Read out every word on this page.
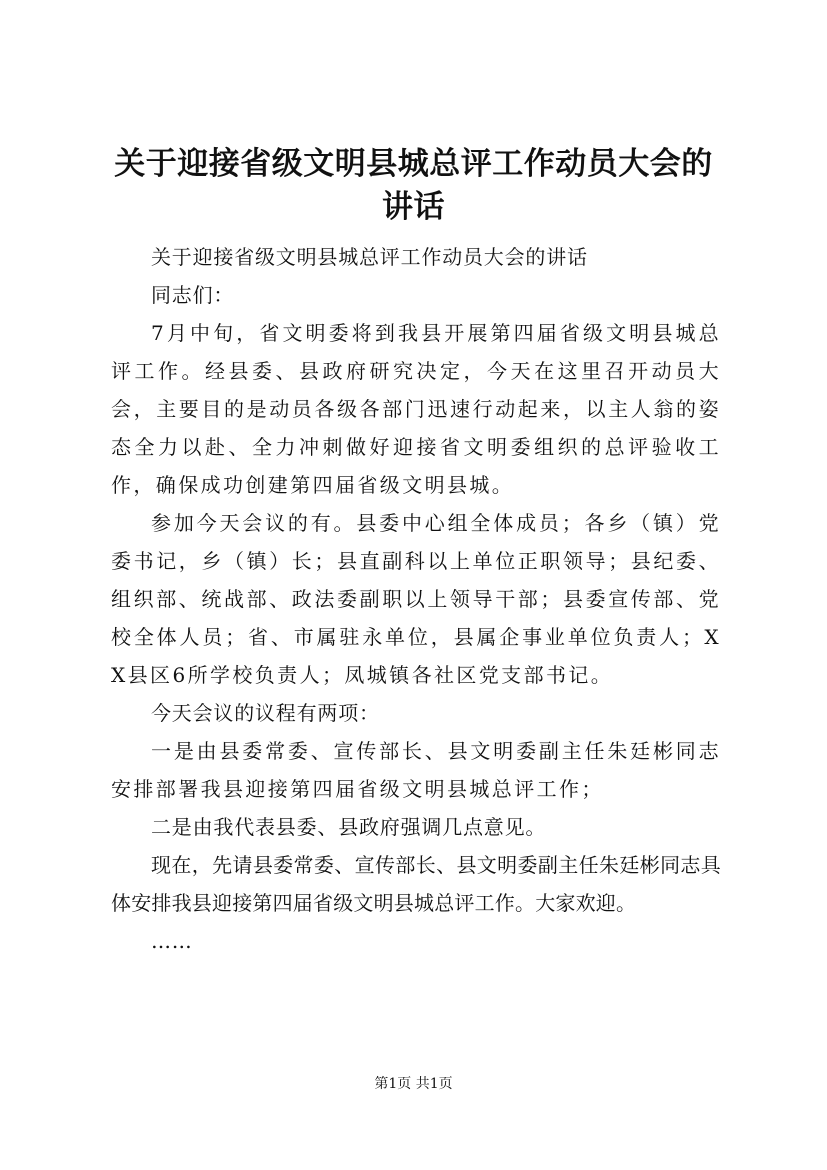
关于迎接省级文明县城总评工作动员大会的讲话

关于迎接省级文明县城总评工作动员大会的讲话

同志们：

7月中旬，省文明委将到我县开展第四届省级文明县城总评工作。经县委、县政府研究决定，今天在这里召开动员大会，主要目的是动员各级各部门迅速行动起来，以主人翁的姿态全力以赴、全力冲刺做好迎接省文明委组织的总评验收工作，确保成功创建第四届省级文明县城。

参加今天会议的有。县委中心组全体成员；各乡（镇）党委书记，乡（镇）长；县直副科以上单位正职领导；县纪委、组织部、统战部、政法委副职以上领导干部；县委宣传部、党校全体人员；省、市属驻永单位，县属企事业单位负责人；XX县区6所学校负责人；凤城镇各社区党支部书记。

今天会议的议程有两项：

一是由县委常委、宣传部长、县文明委副主任朱廷彬同志安排部署我县迎接第四届省级文明县城总评工作；

二是由我代表县委、县政府强调几点意见。

现在，先请县委常委、宣传部长、县文明委副主任朱廷彬同志具体安排我县迎接第四届省级文明县城总评工作。大家欢迎。

……

第1页 共1页
